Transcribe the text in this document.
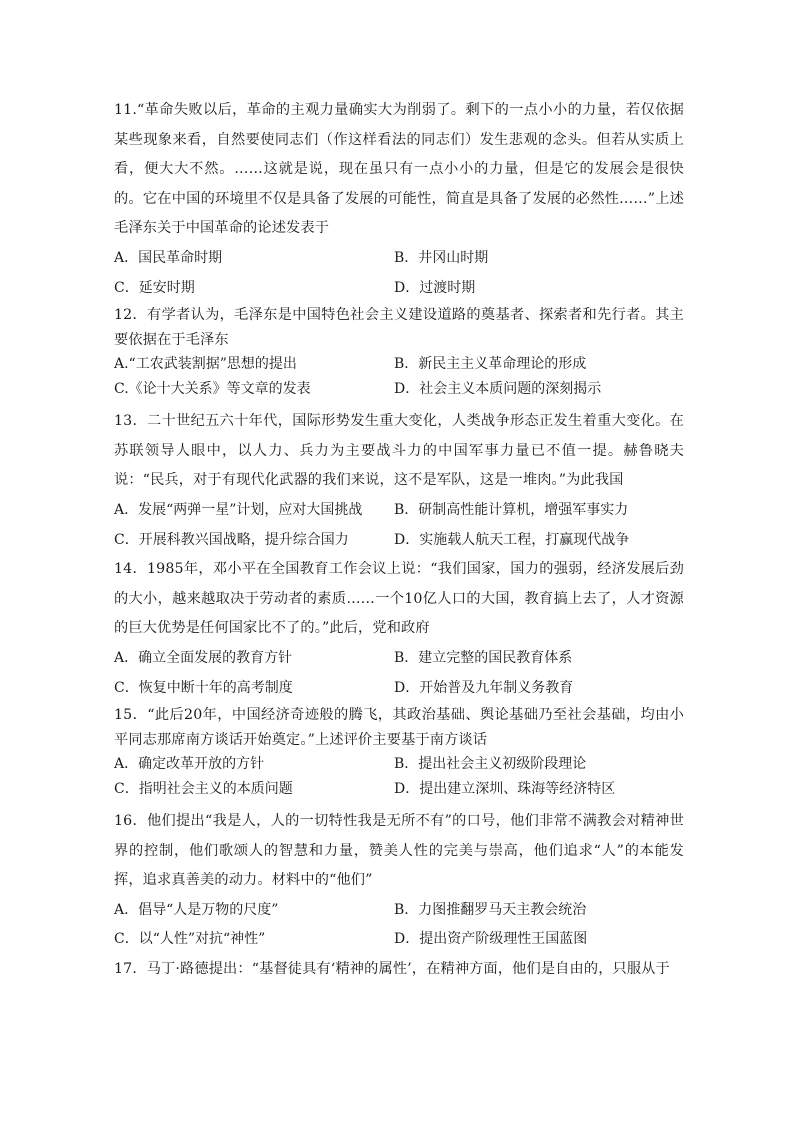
11.“革命失败以后，革命的主观力量确实大为削弱了。剩下的一点小小的力量，若仅依据某些现象来看，自然要使同志们（作这样看法的同志们）发生悲观的念头。但若从实质上看，便大大不然。……这就是说，现在虽只有一点小小的力量，但是它的发展会是很快的。它在中国的环境里不仅是具备了发展的可能性，简直是具备了发展的必然性……”上述毛泽东关于中国革命的论述发表于

A．国民革命时期	B．井冈山时期
C．延安时期	D．过渡时期

12．有学者认为，毛泽东是中国特色社会主义建设道路的奠基者、探索者和先行者。其主要依据在于毛泽东

A.“工农武装割据”思想的提出	B．新民主主义革命理论的形成
C.《论十大关系》等文章的发表	D．社会主义本质问题的深刻揭示

13．二十世纪五六十年代，国际形势发生重大变化，人类战争形态正发生着重大变化。在苏联领导人眼中，以人力、兵力为主要战斗力的中国军事力量已不值一提。赫鲁晓夫说：“民兵，对于有现代化武器的我们来说，这不是军队，这是一堆肉。”为此我国

A．发展“两弹一星”计划，应对大国挑战	B．研制高性能计算机，增强军事实力
C．开展科教兴国战略，提升综合国力	D．实施载人航天工程，打赢现代战争

14．1985年，邓小平在全国教育工作会议上说：“我们国家，国力的强弱，经济发展后劲的大小，越来越取决于劳动者的素质……一个10亿人口的大国，教育搞上去了，人才资源的巨大优势是任何国家比不了的。”此后，党和政府

A．确立全面发展的教育方针	B．建立完整的国民教育体系
C．恢复中断十年的高考制度	D．开始普及九年制义务教育

15．“此后20年，中国经济奇迹般的腾飞，其政治基础、舆论基础乃至社会基础，均由小平同志那席南方谈话开始奠定。”上述评价主要基于南方谈话

A．确定改革开放的方针	B．提出社会主义初级阶段理论
C．指明社会主义的本质问题	D．提出建立深圳、珠海等经济特区

16．他们提出“我是人，人的一切特性我是无所不有”的口号，他们非常不满教会对精神世界的控制，他们歌颂人的智慧和力量，赞美人性的完美与崇高，他们追求“人”的本能发挥，追求真善美的动力。材料中的“他们”

A．倡导“人是万物的尺度”	B．力图推翻罗马天主教会统治
C．以“人性”对抗“神性”	D．提出资产阶级理性王国蓝图

17．马丁·路德提出：“基督徒具有‘精神的属性’，在精神方面，他们是自由的，只服从于
